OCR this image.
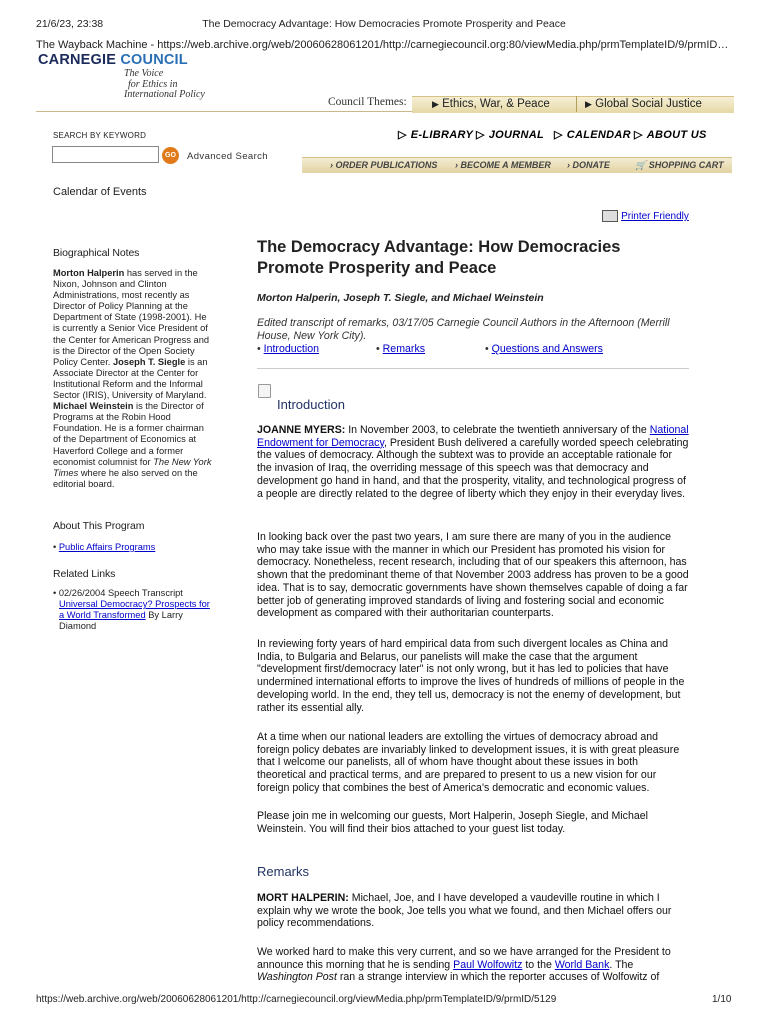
21/6/23, 23:38	The Democracy Advantage: How Democracies Promote Prosperity and Peace
The Wayback Machine - https://web.archive.org/web/20060628061201/http://carnegiecouncil.org:80/viewMedia.php/prmTemplateID/9/prmID…
CARNEGIE COUNCIL
The Voice
for Ethics in
International Policy
Council Themes:	▶ Ethics, War, & Peace	▶ Global Social Justice
SEARCH BY KEYWORD
GO	Advanced Search
▷ E-LIBRARY ▷ JOURNAL ▷ CALENDAR ▷ ABOUT US
› ORDER PUBLICATIONS › BECOME A MEMBER › DONATE	🛒 SHOPPING CART
Calendar of Events
Printer Friendly
Biographical Notes
Morton Halperin has served in the Nixon, Johnson and Clinton Administrations, most recently as Director of Policy Planning at the Department of State (1998-2001). He is currently a Senior Vice President of the Center for American Progress and is the Director of the Open Society Policy Center. Joseph T. Siegle is an Associate Director at the Center for Institutional Reform and the Informal Sector (IRIS), University of Maryland. Michael Weinstein is the Director of Programs at the Robin Hood Foundation. He is a former chairman of the Department of Economics at Haverford College and a former economist columnist for The New York Times where he also served on the editorial board.
About This Program
• Public Affairs Programs
Related Links
• 02/26/2004 Speech Transcript
Universal Democracy? Prospects for a World Transformed By Larry Diamond
The Democracy Advantage: How Democracies Promote Prosperity and Peace
Morton Halperin, Joseph T. Siegle, and Michael Weinstein
Edited transcript of remarks, 03/17/05 Carnegie Council Authors in the Afternoon (Merrill House, New York City).
• Introduction	• Remarks	• Questions and Answers
Introduction
JOANNE MYERS: In November 2003, to celebrate the twentieth anniversary of the National Endowment for Democracy, President Bush delivered a carefully worded speech celebrating the values of democracy. Although the subtext was to provide an acceptable rationale for the invasion of Iraq, the overriding message of this speech was that democracy and development go hand in hand, and that the prosperity, vitality, and technological progress of a people are directly related to the degree of liberty which they enjoy in their everyday lives.
In looking back over the past two years, I am sure there are many of you in the audience who may take issue with the manner in which our President has promoted his vision for democracy. Nonetheless, recent research, including that of our speakers this afternoon, has shown that the predominant theme of that November 2003 address has proven to be a good idea. That is to say, democratic governments have shown themselves capable of doing a far better job of generating improved standards of living and fostering social and economic development as compared with their authoritarian counterparts.
In reviewing forty years of hard empirical data from such divergent locales as China and India, to Bulgaria and Belarus, our panelists will make the case that the argument "development first/democracy later" is not only wrong, but it has led to policies that have undermined international efforts to improve the lives of hundreds of millions of people in the developing world. In the end, they tell us, democracy is not the enemy of development, but rather its essential ally.
At a time when our national leaders are extolling the virtues of democracy abroad and foreign policy debates are invariably linked to development issues, it is with great pleasure that I welcome our panelists, all of whom have thought about these issues in both theoretical and practical terms, and are prepared to present to us a new vision for our foreign policy that combines the best of America's democratic and economic values.
Please join me in welcoming our guests, Mort Halperin, Joseph Siegle, and Michael Weinstein. You will find their bios attached to your guest list today.
Remarks
MORT HALPERIN: Michael, Joe, and I have developed a vaudeville routine in which I explain why we wrote the book, Joe tells you what we found, and then Michael offers our policy recommendations.
We worked hard to make this very current, and so we have arranged for the President to announce this morning that he is sending Paul Wolfowitz to the World Bank. The Washington Post ran a strange interview in which the reporter accuses of Wolfowitz of
https://web.archive.org/web/20060628061201/http://carnegiecouncil.org/viewMedia.php/prmTemplateID/9/prmID/5129	1/10
